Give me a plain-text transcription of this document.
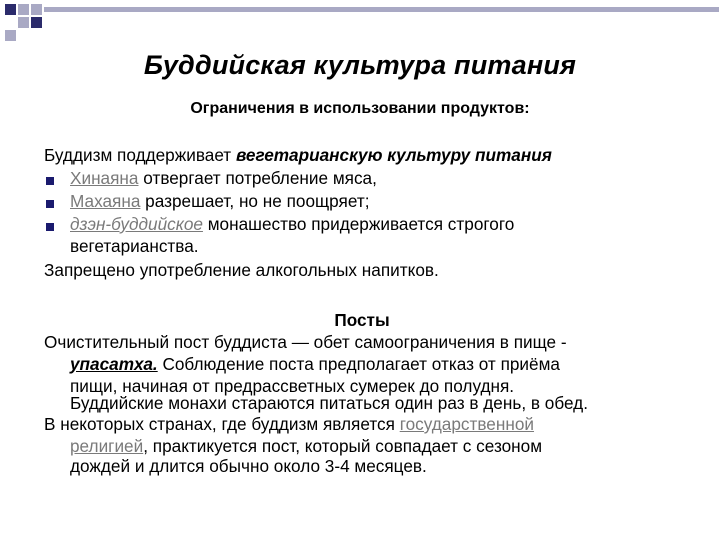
Буддийская культура питания
Ограничения в использовании продуктов:
Буддизм поддерживает вегетарианскую культуру питания
Хинаяна отвергает потребление мяса,
Махаяна разрешает, но не поощряет;
дзэн-буддийское монашество придерживается строгого
вегетарианства.
Запрещено употребление алкогольных напитков.
Посты
Очистительный пост буддиста — обет самоограничения в пище -
упасатха. Соблюдение поста предполагает отказ от приёма
пищи, начиная от предрассветных сумерек до полудня.
Буддийские монахи стараются питаться один раз в день, в обед.
В некоторых странах, где буддизм является государственной
религией, практикуется пост, который совпадает с сезоном
дождей и длится обычно около 3-4 месяцев.
